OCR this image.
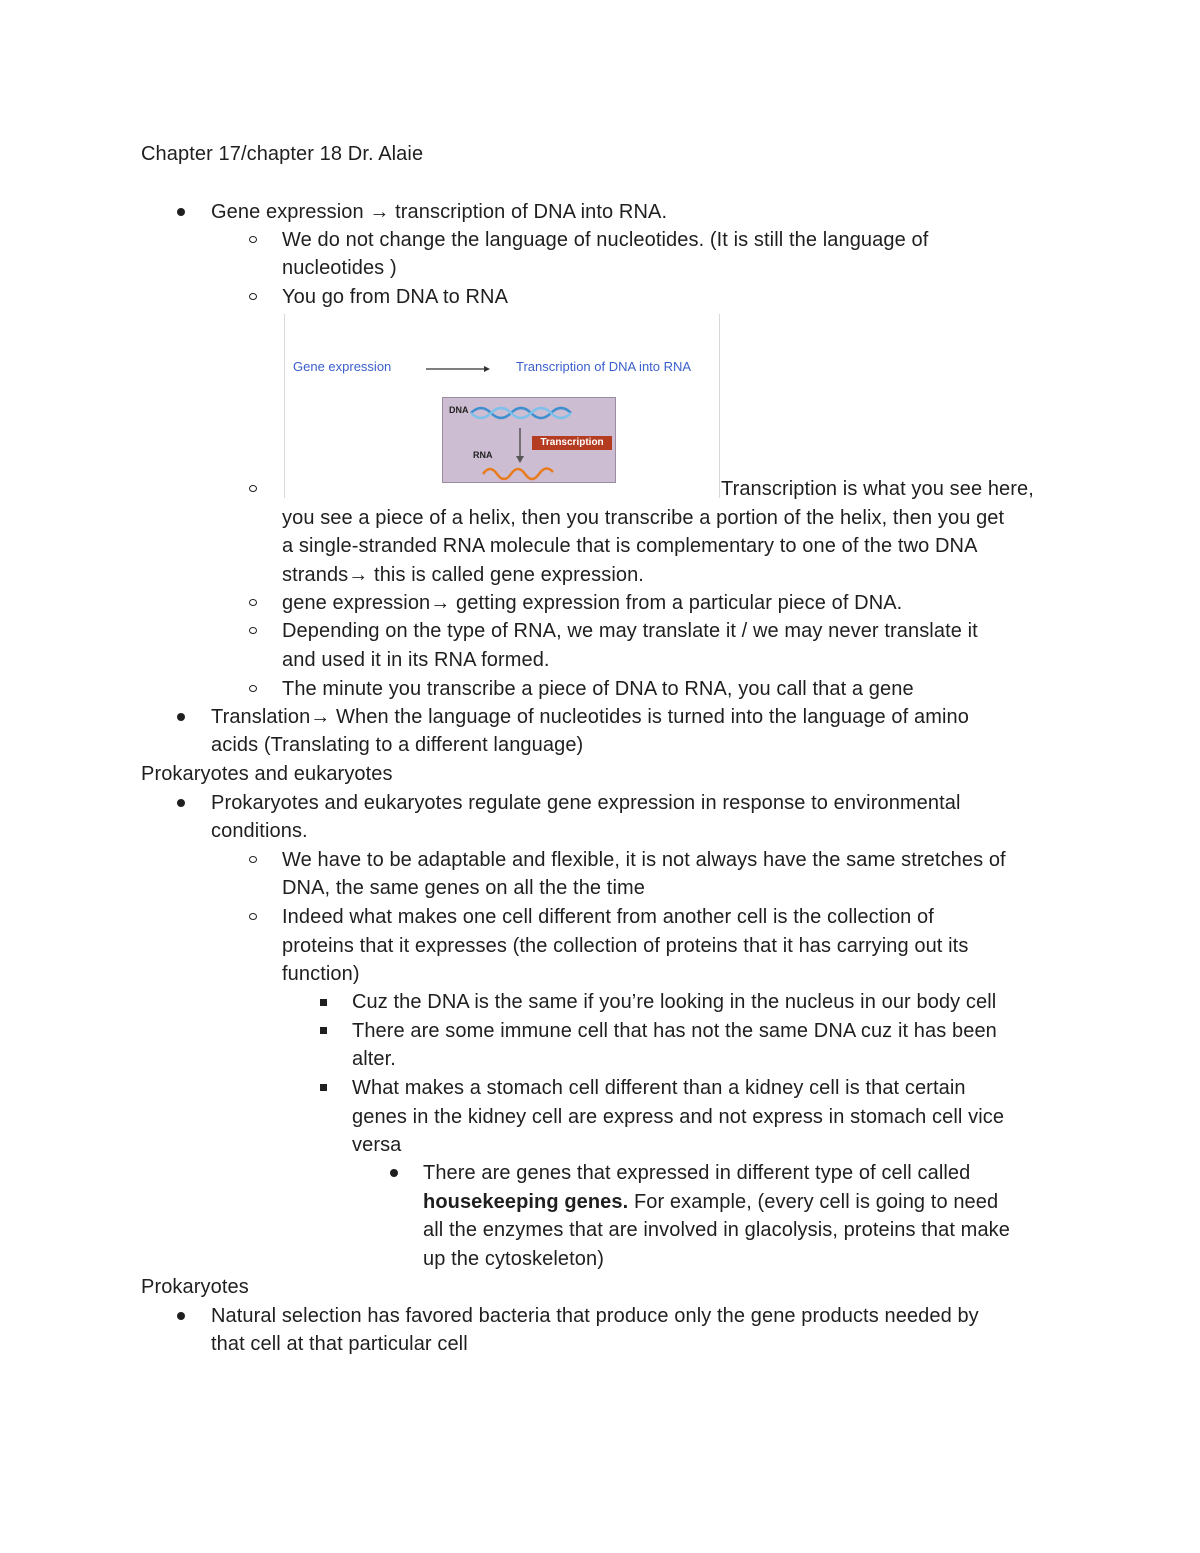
Chapter 17/chapter 18 Dr. Alaie
Gene expression → transcription of DNA into RNA.
We do not change the language of nucleotides. (It is still the language of
nucleotides )
You go from DNA to RNA
Gene expression	Transcription of DNA into RNA
DNA
Transcription
RNA
Transcription is what you see here,
you see a piece of a helix, then you transcribe a portion of the helix, then you get
a single-stranded RNA molecule that is complementary to one of the two DNA
strands→ this is called gene expression.
gene expression→ getting expression from a particular piece of DNA.
Depending on the type of RNA, we may translate it / we may never translate it
and used it in its RNA formed.
The minute you transcribe a piece of DNA to RNA, you call that a gene
Translation→ When the language of nucleotides is turned into the language of amino
acids (Translating to a different language)
Prokaryotes and eukaryotes
Prokaryotes and eukaryotes regulate gene expression in response to environmental
conditions.
We have to be adaptable and flexible, it is not always have the same stretches of
DNA, the same genes on all the the time
Indeed what makes one cell different from another cell is the collection of
proteins that it expresses (the collection of proteins that it has carrying out its
function)
Cuz the DNA is the same if you’re looking in the nucleus in our body cell
There are some immune cell that has not the same DNA cuz it has been
alter.
What makes a stomach cell different than a kidney cell is that certain
genes in the kidney cell are express and not express in stomach cell vice
versa
There are genes that expressed in different type of cell called
housekeeping genes. For example, (every cell is going to need
all the enzymes that are involved in glacolysis, proteins that make
up the cytoskeleton)
Prokaryotes
Natural selection has favored bacteria that produce only the gene products needed by
that cell at that particular cell
